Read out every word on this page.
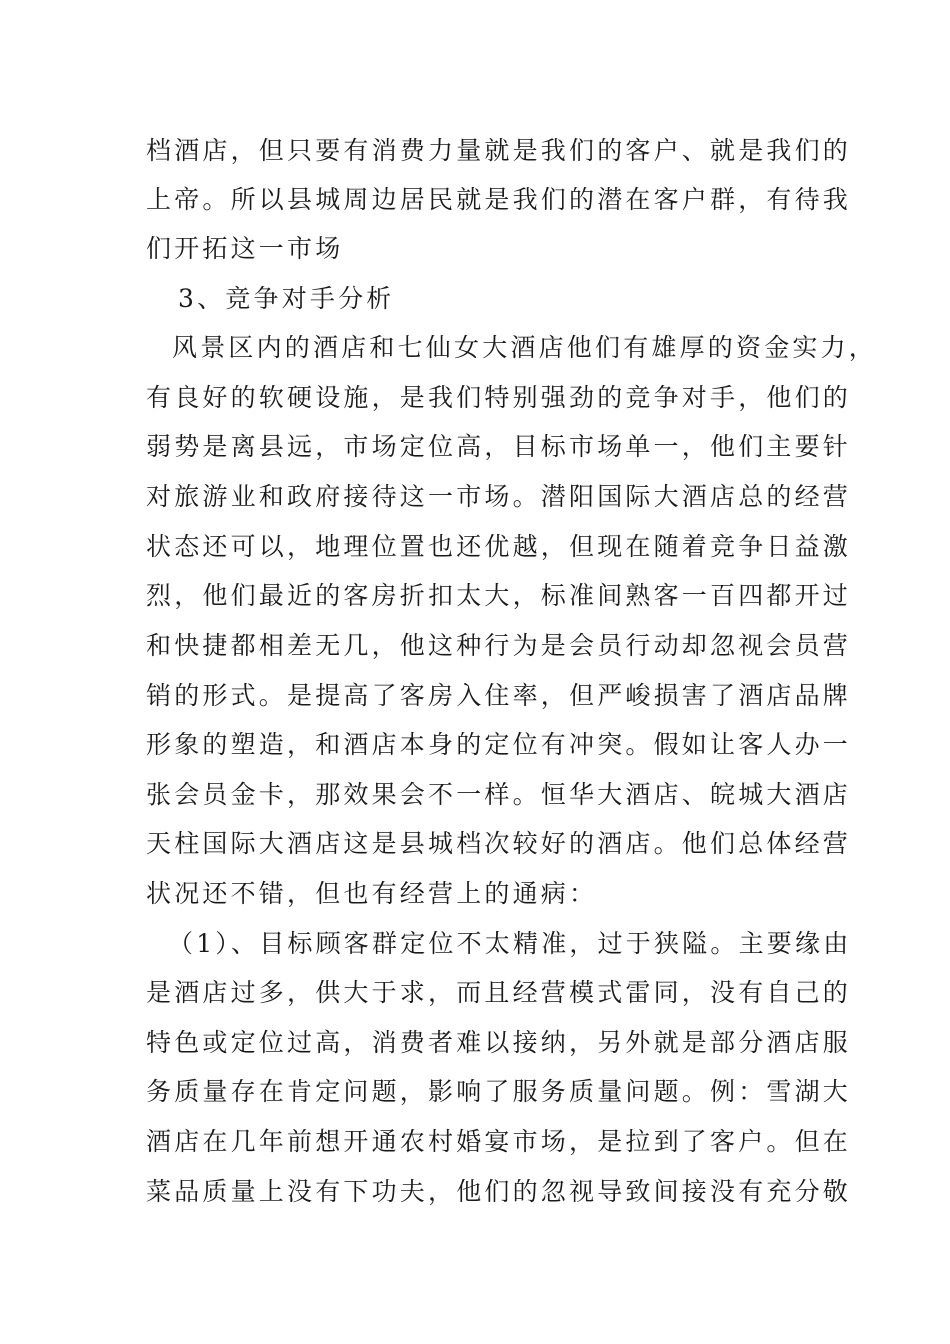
档酒店，但只要有消费力量就是我们的客户、就是我们的
上帝。所以县城周边居民就是我们的潜在客户群，有待我
们开拓这一市场
3、竞争对手分析
风景区内的酒店和七仙女大酒店他们有雄厚的资金实力，
有良好的软硬设施，是我们特别强劲的竞争对手，他们的
弱势是离县远，市场定位高，目标市场单一，他们主要针
对旅游业和政府接待这一市场。潜阳国际大酒店总的经营
状态还可以，地理位置也还优越，但现在随着竞争日益激
烈，他们最近的客房折扣太大，标准间熟客一百四都开过
和快捷都相差无几，他这种行为是会员行动却忽视会员营
销的形式。是提高了客房入住率，但严峻损害了酒店品牌
形象的塑造，和酒店本身的定位有冲突。假如让客人办一
张会员金卡，那效果会不一样。恒华大酒店、皖城大酒店
天柱国际大酒店这是县城档次较好的酒店。他们总体经营
状况还不错，但也有经营上的通病：
（1）、目标顾客群定位不太精准，过于狭隘。主要缘由
是酒店过多，供大于求，而且经营模式雷同，没有自己的
特色或定位过高，消费者难以接纳，另外就是部分酒店服
务质量存在肯定问题，影响了服务质量问题。例：雪湖大
酒店在几年前想开通农村婚宴市场，是拉到了客户。但在
菜品质量上没有下功夫，他们的忽视导致间接没有充分敬
